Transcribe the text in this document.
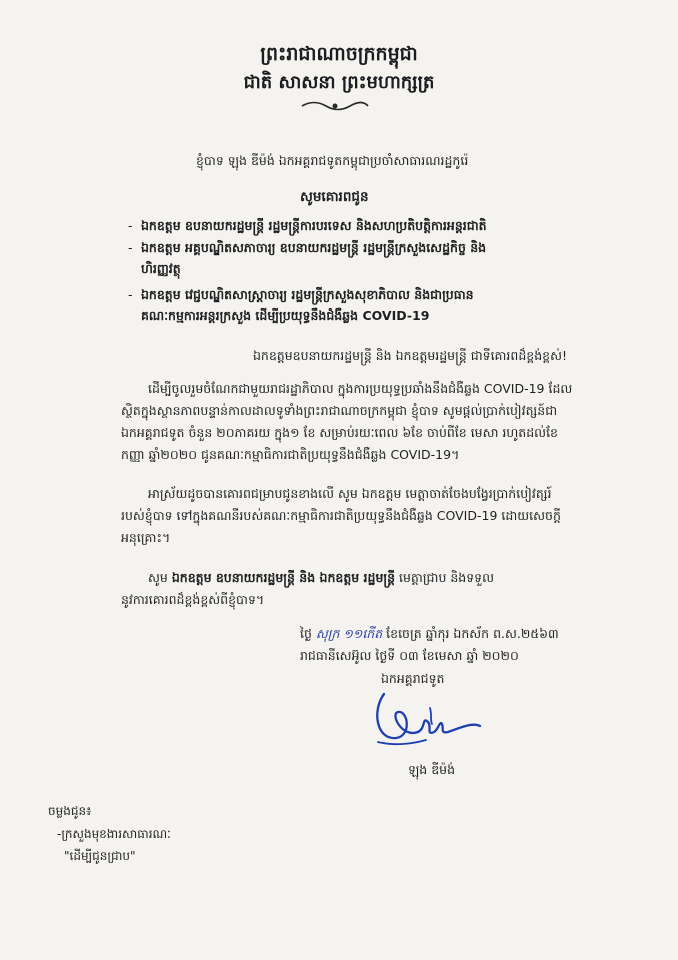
ព្រះរាជាណាចក្រកម្ពុជា
ជាតិ សាសនា ព្រះមហាក្សត្រ
ខ្ញុំបាទ ឡុង ឌីម៉ង់ ឯកអគ្គរាជទូតកម្ពុជាប្រចាំសាធារណរដ្ឋកូរ៉េ
សូមគោរពជូន
- ឯកឧត្តម ឧបនាយករដ្ឋមន្ត្រី រដ្ឋមន្ត្រីការបរទេស និងសហប្រតិបត្តិការអន្តរជាតិ
- ឯកឧត្តម អគ្គបណ្ឌិតសភាចារ្យ ឧបនាយករដ្ឋមន្ត្រី រដ្ឋមន្ត្រីក្រសួងសេដ្ឋកិច្ច និង
ហិរញ្ញវត្ថុ
- ឯកឧត្តម វេជ្ជបណ្ឌិតសាស្ត្រាចារ្យ រដ្ឋមន្ត្រីក្រសួងសុខាភិបាល និងជាប្រធាន
គណៈកម្មការអន្តរក្រសួង ដើម្បីប្រយុទ្ធនឹងជំងឺឆ្លង COVID-19
ឯកឧត្តមឧបនាយករដ្ឋមន្ត្រី និង ឯកឧត្តមរដ្ឋមន្ត្រី ជាទីគោរពដ៏ខ្ពង់ខ្ពស់!
ដើម្បីចូលរួមចំណែកជាមួយរាជរដ្ឋាភិបាល ក្នុងការប្រយុទ្ធប្រឆាំងនឹងជំងឺឆ្លង COVID-19 ដែល
ស្ថិតក្នុងស្ថានភាពបន្ទាន់កាលដាលទូទាំងព្រះរាជាណាចក្រកម្ពុជា ខ្ញុំបាទ សូមផ្តល់ប្រាក់បៀវត្សន៍ជា
ឯកអគ្គរាជទូត ចំនួន ២០ភាគរយ ក្នុង១ ខែ សម្រាប់រយៈពេល ៦ខែ ចាប់ពីខែ មេសា រហូតដល់ខែ
កញ្ញា ឆ្នាំ២០២០ ជូនគណៈកម្មាធិការជាតិប្រយុទ្ធនឹងជំងឺឆ្លង COVID-19។
អាស្រ័យដូចបានគោរពជម្រាបជូនខាងលើ សូម ឯកឧត្តម មេត្តាចាត់ចែងបង្វែរប្រាក់បៀវត្សរ៍
របស់ខ្ញុំបាទ ទៅក្នុងគណនីរបស់គណៈកម្មាធិការជាតិប្រយុទ្ធនឹងជំងឺឆ្លង COVID-19 ដោយសេចក្តី
អនុគ្រោះ។
សូម ឯកឧត្តម ឧបនាយករដ្ឋមន្ត្រី និង ឯកឧត្តម រដ្ឋមន្ត្រី មេត្តាជ្រាប និងទទួល
នូវការគោរពដ៏ខ្ពង់ខ្ពស់ពីខ្ញុំបាទ។
ថ្ងៃ សុក្រ ១១កើត ខែចេត្រ ឆ្នាំកុរ ឯកស័ក ព.ស.២៥៦៣
រាជធានីសេអ៊ូល ថ្ងៃទី ០៣ ខែមេសា ឆ្នាំ ២០២០
ឯកអគ្គរាជទូត
ឡុង ឌីម៉ង់
ចម្លងជូន៖
-ក្រសួងមុខងារសាធារណៈ
"ដើម្បីជូនជ្រាប"
